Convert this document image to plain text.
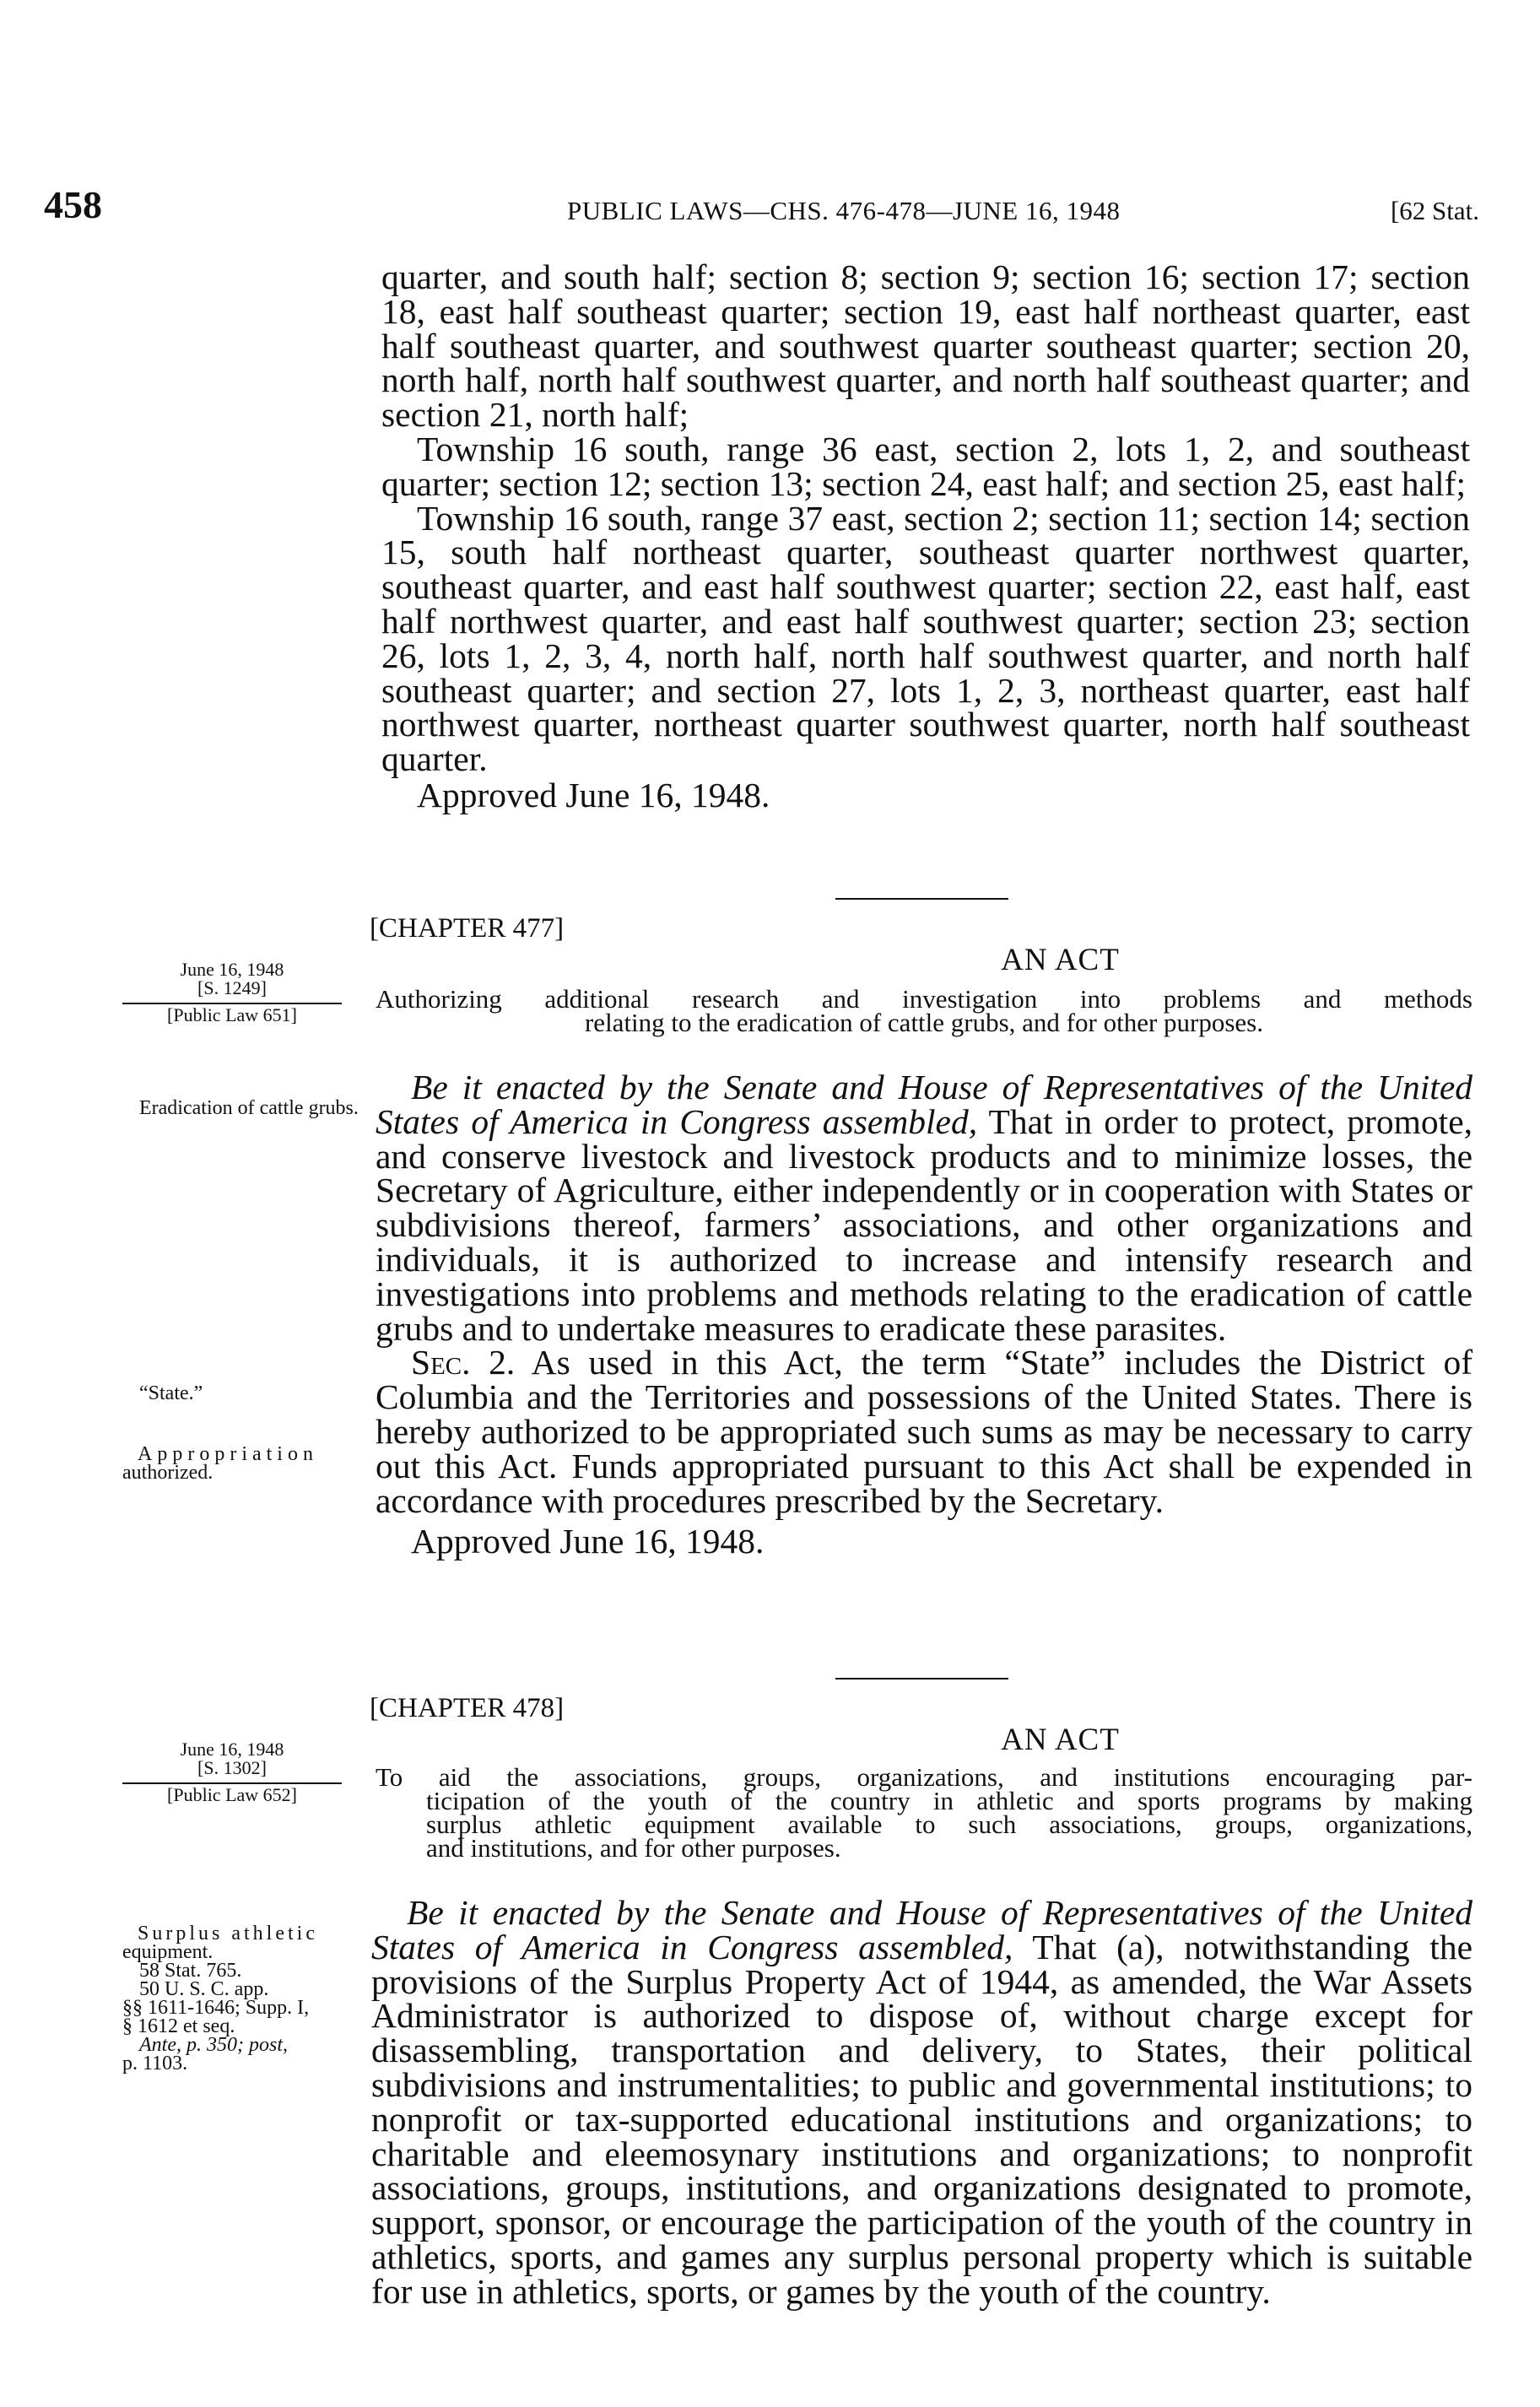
458	PUBLIC LAWS—CHS. 476-478—JUNE 16, 1948	[62 Stat.

quarter, and south half; section 8; section 9; section 16; section 17; section 18, east half southeast quarter; section 19, east half northeast quarter, east half southeast quarter, and southwest quarter southeast quarter; section 20, north half, north half southwest quarter, and north half southeast quarter; and section 21, north half;

Township 16 south, range 36 east, section 2, lots 1, 2, and southeast quarter; section 12; section 13; section 24, east half; and section 25, east half;

Township 16 south, range 37 east, section 2; section 11; section 14; section 15, south half northeast quarter, southeast quarter northwest quarter, southeast quarter, and east half southwest quarter; section 22, east half, east half northwest quarter, and east half southwest quarter; section 23; section 26, lots 1, 2, 3, 4, north half, north half southwest quarter, and north half southeast quarter; and section 27, lots 1, 2, 3, northeast quarter, east half northwest quarter, northeast quarter southwest quarter, north half southeast quarter.

Approved June 16, 1948.

[CHAPTER 477]
AN ACT
June 16, 1948
[S. 1249]
[Public Law 651]
Authorizing additional research and investigation into problems and methods
relating to the eradication of cattle grubs, and for other purposes.
Eradication of cattle grubs.
“State.”
Appropriation
authorized.

Be it enacted by the Senate and House of Representatives of the United States of America in Congress assembled, That in order to protect, promote, and conserve livestock and livestock products and to minimize losses, the Secretary of Agriculture, either independently or in cooperation with States or subdivisions thereof, farmers’ associations, and other organizations and individuals, it is authorized to increase and intensify research and investigations into problems and methods relating to the eradication of cattle grubs and to undertake measures to eradicate these parasites.

Sec. 2. As used in this Act, the term “State” includes the District of Columbia and the Territories and possessions of the United States. There is hereby authorized to be appropriated such sums as may be necessary to carry out this Act. Funds appropriated pursuant to this Act shall be expended in accordance with procedures prescribed by the Secretary.

Approved June 16, 1948.

[CHAPTER 478]
AN ACT
June 16, 1948
[S. 1302]
[Public Law 652]
To aid the associations, groups, organizations, and institutions encouraging par-
ticipation of the youth of the country in athletic and sports programs by making
surplus athletic equipment available to such associations, groups, organizations,
and institutions, and for other purposes.
Surplus athletic
equipment.
58 Stat. 765.
50 U. S. C. app.
§§ 1611-1646; Supp. I,
§ 1612 et seq.
Ante, p. 350; post,
p. 1103.

Be it enacted by the Senate and House of Representatives of the United States of America in Congress assembled, That (a), notwithstanding the provisions of the Surplus Property Act of 1944, as amended, the War Assets Administrator is authorized to dispose of, without charge except for disassembling, transportation and delivery, to States, their political subdivisions and instrumentalities; to public and governmental institutions; to nonprofit or tax-supported educational institutions and organizations; to charitable and eleemosynary institutions and organizations; to nonprofit associations, groups, institutions, and organizations designated to promote, support, sponsor, or encourage the participation of the youth of the country in athletics, sports, and games any surplus personal property which is suitable for use in athletics, sports, or games by the youth of the country.
